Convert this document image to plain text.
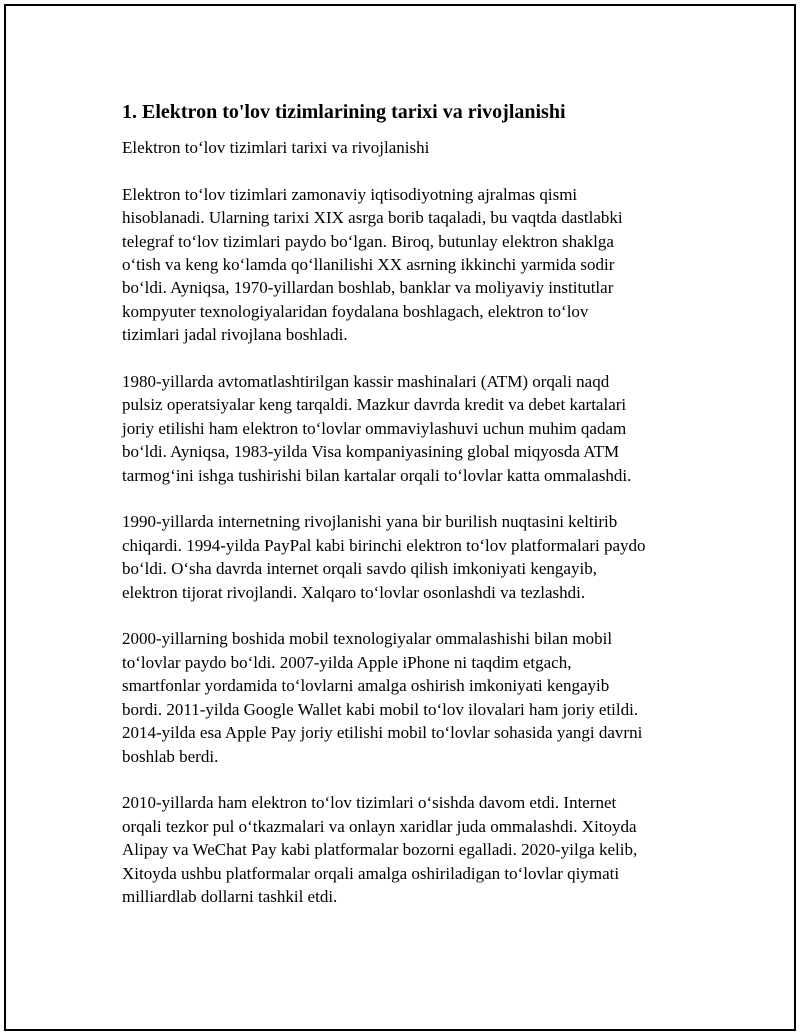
1. Elektron to'lov tizimlarining tarixi va rivojlanishi
Elektron to‘lov tizimlari tarixi va rivojlanishi
Elektron to‘lov tizimlari zamonaviy iqtisodiyotning ajralmas qismi
hisoblanadi. Ularning tarixi XIX asrga borib taqaladi, bu vaqtda dastlabki
telegraf to‘lov tizimlari paydo bo‘lgan. Biroq, butunlay elektron shaklga
o‘tish va keng ko‘lamda qo‘llanilishi XX asrning ikkinchi yarmida sodir
bo‘ldi. Ayniqsa, 1970-yillardan boshlab, banklar va moliyaviy institutlar
kompyuter texnologiyalaridan foydalana boshlagach, elektron to‘lov
tizimlari jadal rivojlana boshladi.
1980-yillarda avtomatlashtirilgan kassir mashinalari (ATM) orqali naqd
pulsiz operatsiyalar keng tarqaldi. Mazkur davrda kredit va debet kartalari
joriy etilishi ham elektron to‘lovlar ommaviylashuvi uchun muhim qadam
bo‘ldi. Ayniqsa, 1983-yilda Visa kompaniyasining global miqyosda ATM
tarmog‘ini ishga tushirishi bilan kartalar orqali to‘lovlar katta ommalashdi.
1990-yillarda internetning rivojlanishi yana bir burilish nuqtasini keltirib
chiqardi. 1994-yilda PayPal kabi birinchi elektron to‘lov platformalari paydo
bo‘ldi. O‘sha davrda internet orqali savdo qilish imkoniyati kengayib,
elektron tijorat rivojlandi. Xalqaro to‘lovlar osonlashdi va tezlashdi.
2000-yillarning boshida mobil texnologiyalar ommalashishi bilan mobil
to‘lovlar paydo bo‘ldi. 2007-yilda Apple iPhone ni taqdim etgach,
smartfonlar yordamida to‘lovlarni amalga oshirish imkoniyati kengayib
bordi. 2011-yilda Google Wallet kabi mobil to‘lov ilovalari ham joriy etildi.
2014-yilda esa Apple Pay joriy etilishi mobil to‘lovlar sohasida yangi davrni
boshlab berdi.
2010-yillarda ham elektron to‘lov tizimlari o‘sishda davom etdi. Internet
orqali tezkor pul o‘tkazmalari va onlayn xaridlar juda ommalashdi. Xitoyda
Alipay va WeChat Pay kabi platformalar bozorni egalladi. 2020-yilga kelib,
Xitoyda ushbu platformalar orqali amalga oshiriladigan to‘lovlar qiymati
milliardlab dollarni tashkil etdi.
